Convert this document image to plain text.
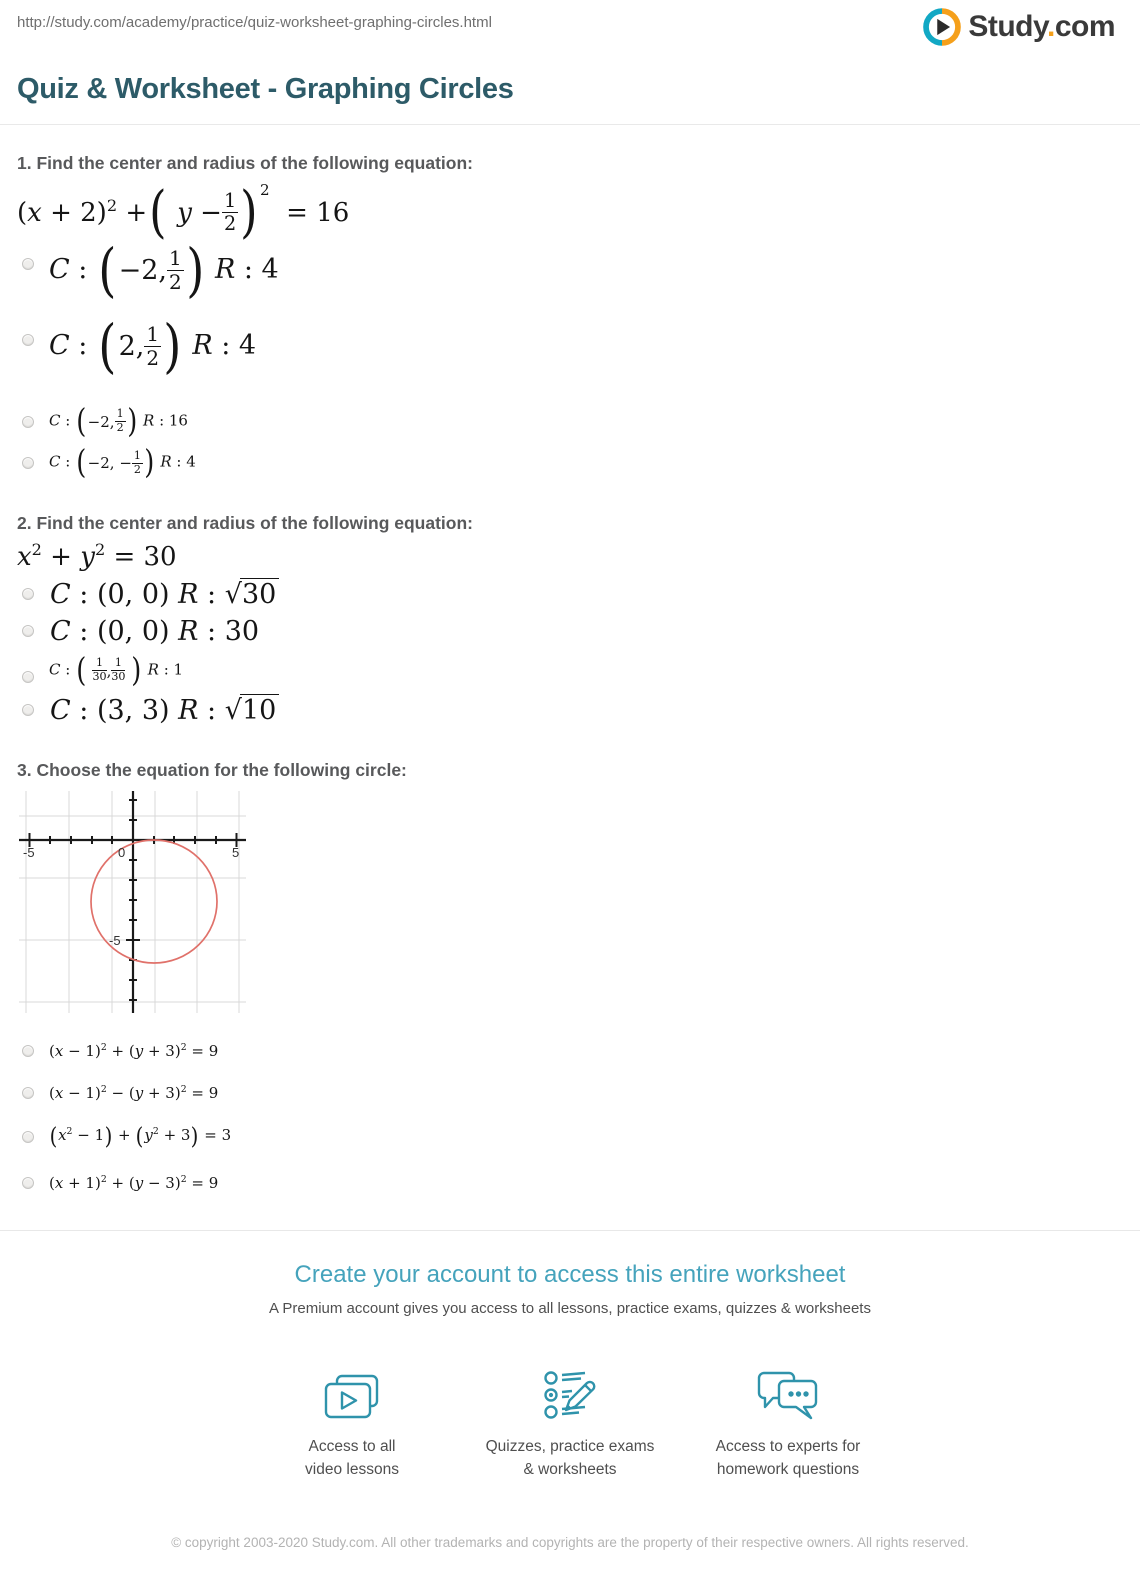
http://study.com/academy/practice/quiz-worksheet-graphing-circles.html	Study.com
Quiz & Worksheet - Graphing Circles
1. Find the center and radius of the following equation:
$(x + 2)^2$ + ( $y - \frac{1}{2} )^2$
= 16
C : ( −2, $\frac{1}{2}$ ) R : 4
C : ( 2, $\frac{1}{2}$ ) R : 4
C : ( −2, $\frac{1}{2}$ ) R : 16
C : ( −2, − $\frac{1}{2}$ ) R : 4
2. Find the center and radius of the following equation:
$x^2 + y^2 = 30$
C : (0, 0) R : √30
C : (0, 0) R : 30
C : (
$\frac{1}{30}$ , $\frac{1}{30}$
) R : 1
C : (3, 3) R : √10
3. Choose the equation for the following circle:
-5	0	5
-5
$(x - 1)^2 + (y + 3)^2 = 9$
$(x - 1)^2 - (y + 3)^2 = 9$
$(x^2 - 1) + (y^2 + 3) = 3$
$(x + 1)^2 + (y - 3)^2 = 9$
Create your account to access this entire worksheet
A Premium account gives you access to all lessons, practice exams, quizzes & worksheets
Access to all
video lessons
Quizzes, practice exams
& worksheets
Access to experts for
homework questions
© copyright 2003-2020 Study.com. All other trademarks and copyrights are the property of their respective owners. All rights reserved.
